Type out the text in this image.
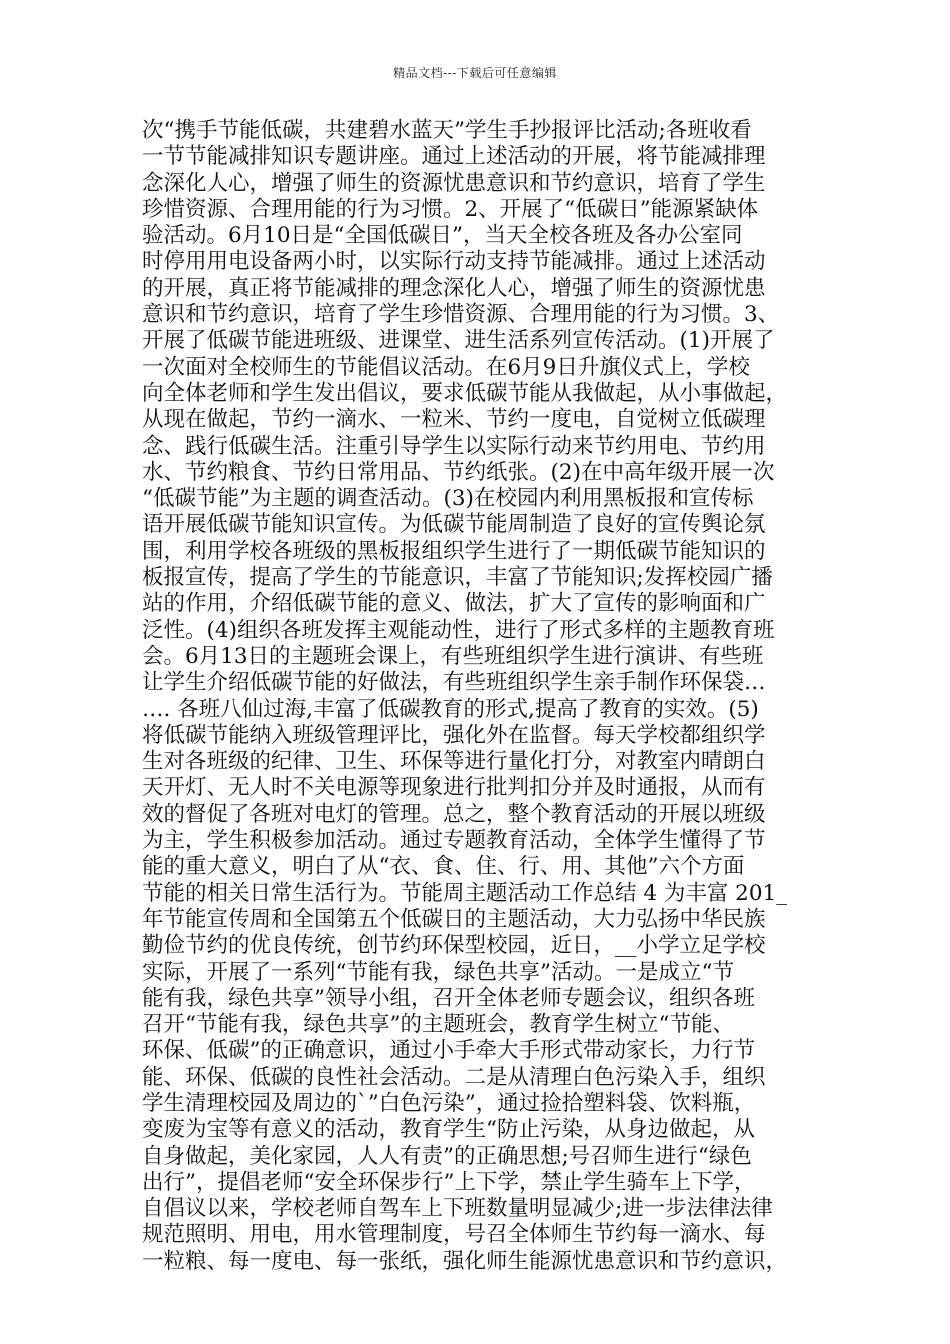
精品文档---下载后可任意编辑
次“携手节能低碳，共建碧水蓝天”学生手抄报评比活动;各班收看
一节节能减排知识专题讲座。通过上述活动的开展，将节能减排理
念深化人心，增强了师生的资源忧患意识和节约意识，培育了学生
珍惜资源、合理用能的行为习惯。2、开展了“低碳日”能源紧缺体
验活动。6月10日是“全国低碳日”，当天全校各班及各办公室同
时停用用电设备两小时，以实际行动支持节能减排。通过上述活动
的开展，真正将节能减排的理念深化人心，增强了师生的资源忧患
意识和节约意识，培育了学生珍惜资源、合理用能的行为习惯。3、
开展了低碳节能进班级、进课堂、进生活系列宣传活动。(1)开展了
一次面对全校师生的节能倡议活动。在6月9日升旗仪式上，学校
向全体老师和学生发出倡议，要求低碳节能从我做起，从小事做起，
从现在做起，节约一滴水、一粒米、节约一度电，自觉树立低碳理
念、践行低碳生活。注重引导学生以实际行动来节约用电、节约用
水、节约粮食、节约日常用品、节约纸张。(2)在中高年级开展一次
“低碳节能”为主题的调查活动。(3)在校园内利用黑板报和宣传标
语开展低碳节能知识宣传。为低碳节能周制造了良好的宣传舆论氛
围，利用学校各班级的黑板报组织学生进行了一期低碳节能知识的
板报宣传，提高了学生的节能意识，丰富了节能知识;发挥校园广播
站的作用，介绍低碳节能的意义、做法，扩大了宣传的影响面和广
泛性。(4)组织各班发挥主观能动性，进行了形式多样的主题教育班
会。6月13日的主题班会课上，有些班组织学生进行演讲、有些班
让学生介绍低碳节能的好做法，有些班组织学生亲手制作环保袋…
…. 各班八仙过海,丰富了低碳教育的形式,提高了教育的实效。(5)
将低碳节能纳入班级管理评比，强化外在监督。每天学校都组织学
生对各班级的纪律、卫生、环保等进行量化打分，对教室内晴朗白
天开灯、无人时不关电源等现象进行批判扣分并及时通报，从而有
效的督促了各班对电灯的管理。总之，整个教育活动的开展以班级
为主，学生积极参加活动。通过专题教育活动，全体学生懂得了节
能的重大意义，明白了从“衣、食、住、行、用、其他”六个方面
节能的相关日常生活行为。节能周主题活动工作总结 4 为丰富 201_
年节能宣传周和全国第五个低碳日的主题活动，大力弘扬中华民族
勤俭节约的优良传统，创节约环保型校园，近日，__小学立足学校
实际，开展了一系列“节能有我，绿色共享”活动。一是成立“节
能有我，绿色共享”领导小组，召开全体老师专题会议，组织各班
召开“节能有我，绿色共享”的主题班会，教育学生树立“节能、
环保、低碳”的正确意识，通过小手牵大手形式带动家长，力行节
能、环保、低碳的良性社会活动。二是从清理白色污染入手，组织
学生清理校园及周边的`”白色污染”，通过捡拾塑料袋、饮料瓶，
变废为宝等有意义的活动，教育学生“防止污染，从身边做起，从
自身做起，美化家园，人人有责”的正确思想;号召师生进行“绿色
出行”，提倡老师“安全环保步行”上下学，禁止学生骑车上下学，
自倡议以来，学校老师自驾车上下班数量明显减少;进一步法律法律
规范照明、用电，用水管理制度，号召全体师生节约每一滴水、每
一粒粮、每一度电、每一张纸，强化师生能源忧患意识和节约意识，
